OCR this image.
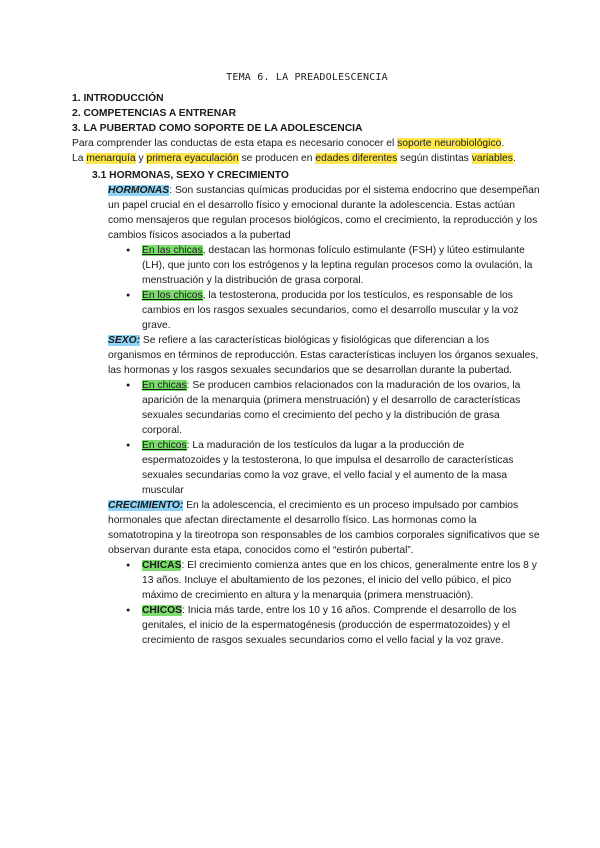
TEMA 6. LA PREADOLESCENCIA
1. INTRODUCCIÓN
2. COMPETENCIAS A ENTRENAR
3. LA PUBERTAD COMO SOPORTE DE LA ADOLESCENCIA

Para comprender las conductas de esta etapa es necesario conocer el soporte neurobiológico.

La menarquía y primera eyaculación se producen en edades diferentes según distintas variables.

3.1 HORMONAS, SEXO Y CRECIMIENTO

HORMONAS: Son sustancias químicas producidas por el sistema endocrino que desempeñan un papel crucial en el desarrollo físico y emocional durante la adolescencia. Estas actúan como mensajeros que regulan procesos biológicos, como el crecimiento, la reproducción y los cambios físicos asociados a la pubertad

● En las chicas, destacan las hormonas folículo estimulante (FSH) y lúteo estimulante (LH), que junto con los estrógenos y la leptina regulan procesos como la ovulación, la menstruación y la distribución de grasa corporal.
● En los chicos, la testosterona, producida por los testículos, es responsable de los cambios en los rasgos sexuales secundarios, como el desarrollo muscular y la voz grave.

SEXO: Se refiere a las características biológicas y fisiológicas que diferencian a los organismos en términos de reproducción. Estas características incluyen los órganos sexuales, las hormonas y los rasgos sexuales secundarios que se desarrollan durante la pubertad.

● En chicas: Se producen cambios relacionados con la maduración de los ovarios, la aparición de la menarquia (primera menstruación) y el desarrollo de características sexuales secundarias como el crecimiento del pecho y la distribución de grasa corporal.
● En chicos: La maduración de los testículos da lugar a la producción de espermatozoides y la testosterona, lo que impulsa el desarrollo de características sexuales secundarias como la voz grave, el vello facial y el aumento de la masa muscular

CRECIMIENTO: En la adolescencia, el crecimiento es un proceso impulsado por cambios hormonales que afectan directamente el desarrollo físico. Las hormonas como la somatotropina y la tireotropa son responsables de los cambios corporales significativos que se observan durante esta etapa, conocidos como el “estirón pubertal”.

● CHICAS: El crecimiento comienza antes que en los chicos, generalmente entre los 8 y 13 años. Incluye el abultamiento de los pezones, el inicio del vello púbico, el pico máximo de crecimiento en altura y la menarquia (primera menstruación).
● CHICOS: Inicia más tarde, entre los 10 y 16 años. Comprende el desarrollo de los genitales, el inicio de la espermatogénesis (producción de espermatozoides) y el crecimiento de rasgos sexuales secundarios como el vello facial y la voz grave.
